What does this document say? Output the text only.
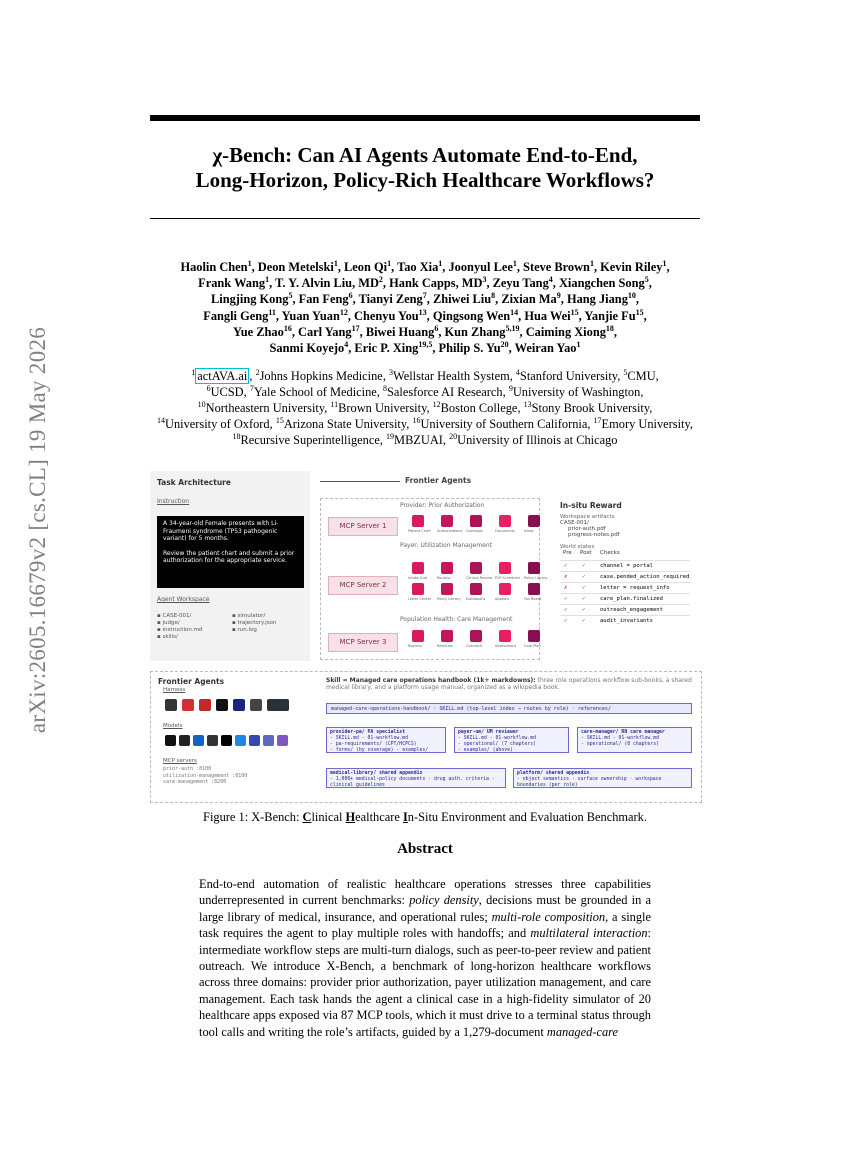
arXiv:2605.16679v2 [cs.CL] 19 May 2026
χ-Bench: Can AI Agents Automate End-to-End,
Long-Horizon, Policy-Rich Healthcare Workflows?
Haolin Chen$^1$, Deon Metelski$^1$, Leon Qi$^1$, Tao Xia$^1$, Joonyul Lee$^1$, Steve Brown$^1$, Kevin Riley$^1$,
Frank Wang$^1$, T. Y. Alvin Liu, $MD^2$, Hank Capps, $MD^3$, Zeyu Tang$^4$, Xiangchen Song$^5$,
Lingjing Kong$^5$, Fan Feng$^6$, Tianyi Zeng$^7$, Zhiwei Liu$^8$, Zixian Ma$^9$, Hang Jiang$^{10}$,
Fangli Geng$^{11}$, Yuan Yuan$^{12}$, Chenyu You$^{13}$, Qingsong Wen$^{14}$, Hua Wei$^{15}$, Yanjie Fu$^{15}$,
Yue Zhao$^{16}$, Carl Yang$^{17}$, Biwei Huang$^6$, Kun Zhang$^{5,19}$, Caiming Xiong$^{18}$,
Sanmi Koyejo$^4$, Eric P. Xing$^{19,5}$, Philip S. Yu$^{20}$, Weiran Yao$^1$
$^1$ actAVA.ai , $^2$Johns Hopkins Medicine, $^3$Wellstar Health System, $^4$Stanford University, $^5$CMU,
$^6$UCSD, $^7$Yale School of Medicine, $^8$Salesforce AI Research, $^9$University of Washington,
$^{10}$Northeastern University, $^{11}$Brown University, $^{12}$Boston College, $^{13}$Stony Brook University,
$^{14}$University of Oxford, $^{15}$Arizona State University, $^{16}$University of Southern California, $^{17}$Emory University,
$^{18}$Recursive Superintelligence, $^{19}$MBZUAI, $^{20}$University of Illinois at Chicago
Task Architecture
Instruction
A 34-year-old Female presents with Li-Fraumeni syndrome (TP53 pathogenic variant) for 5 months.
Review the patient chart and submit a prior authorization for the appropriate service.
Agent Workspace
▪ CASE-001/
▪ judge/
▪ instruction.md
▪ skills/
▪ simulator/
▪ trajectory.json
▪ run.log
Frontier Agents
Provider: Prior Authorization
Payer: Utilization Management
Population Health: Care Management
MCP Server 1
MCP Server 2
MCP Server 3
Patient Chart Authorizations Coverage	Documents	Inbox
Intake Hub	Routing	Clinical Review P2P Scheduler Policy Library
Letter Center Policy Library Dashboard	Appeals	Fax Board
Registry	Referrals	Outreach	Assessment Care Plan
In-situ Reward
Workspace artifacts
CASE-001/
prior-auth.pdf
progress-notes.pdf
World states
Pre Post Checks
✓	✓	channel = portal
✗	✓	case.pended_action_required
✗	✓	letter = request_info
✓	✓	care_plan.finalized
✓	✓	outreach_engagement
✓	✓	audit_invariants
Frontier Agents
Harness
Models
MCP servers
prior-auth :8100
utilization-management :8100
care-management :8200
Skill = Managed care operations handbook (1k+ markdowns): three role operations workflow sub-books, a shared medical library, and a platform usage manual, organized as a wikipedia book.
managed-care-operations-handbook/ · SKILL.md (top-level index → routes by role) · references/
provider-pa/ PA specialist
- SKILL.md - 01-workflow.md
- pa-requirements/ (CPT/HCPCS)
- forms/ (by coverage) - examples/
payer-um/ UM reviewer
- SKILL.md - 01-workflow.md
- operational/ (7 chapters)
- examples/ (above)
care-manager/ RN care manager
- SKILL.md - 01-workflow.md
- operational/ (8 chapters)
medical-library/ shared appendix
- 1,000+ medical-policy documents · drug auth. criteria · clinical guidelines
platform/ shared appendix
- object semantics · surface ownership · workspace boundaries (per role)
Figure 1: Χ-Bench: Clinical Healthcare In-Situ Environment and Evaluation Benchmark.
Abstract

End-to-end automation of realistic healthcare operations stresses three capabilities underrepresented in current benchmarks: policy density, decisions must be grounded in a large library of medical, insurance, and operational rules; multi-role composition, a single task requires the agent to play multiple roles with handoffs; and multilateral interaction: intermediate workflow steps are multi-turn dialogs, such as peer-to-peer review and patient outreach. We introduce Χ-Bench, a benchmark of long-horizon healthcare workflows across three domains: provider prior authorization, payer utilization management, and care management. Each task hands the agent a clinical case in a high-fidelity simulator of 20 healthcare apps exposed via 87 MCP tools, which it must drive to a terminal status through tool calls and writing the role’s artifacts, guided by a 1,279-document managed-care
